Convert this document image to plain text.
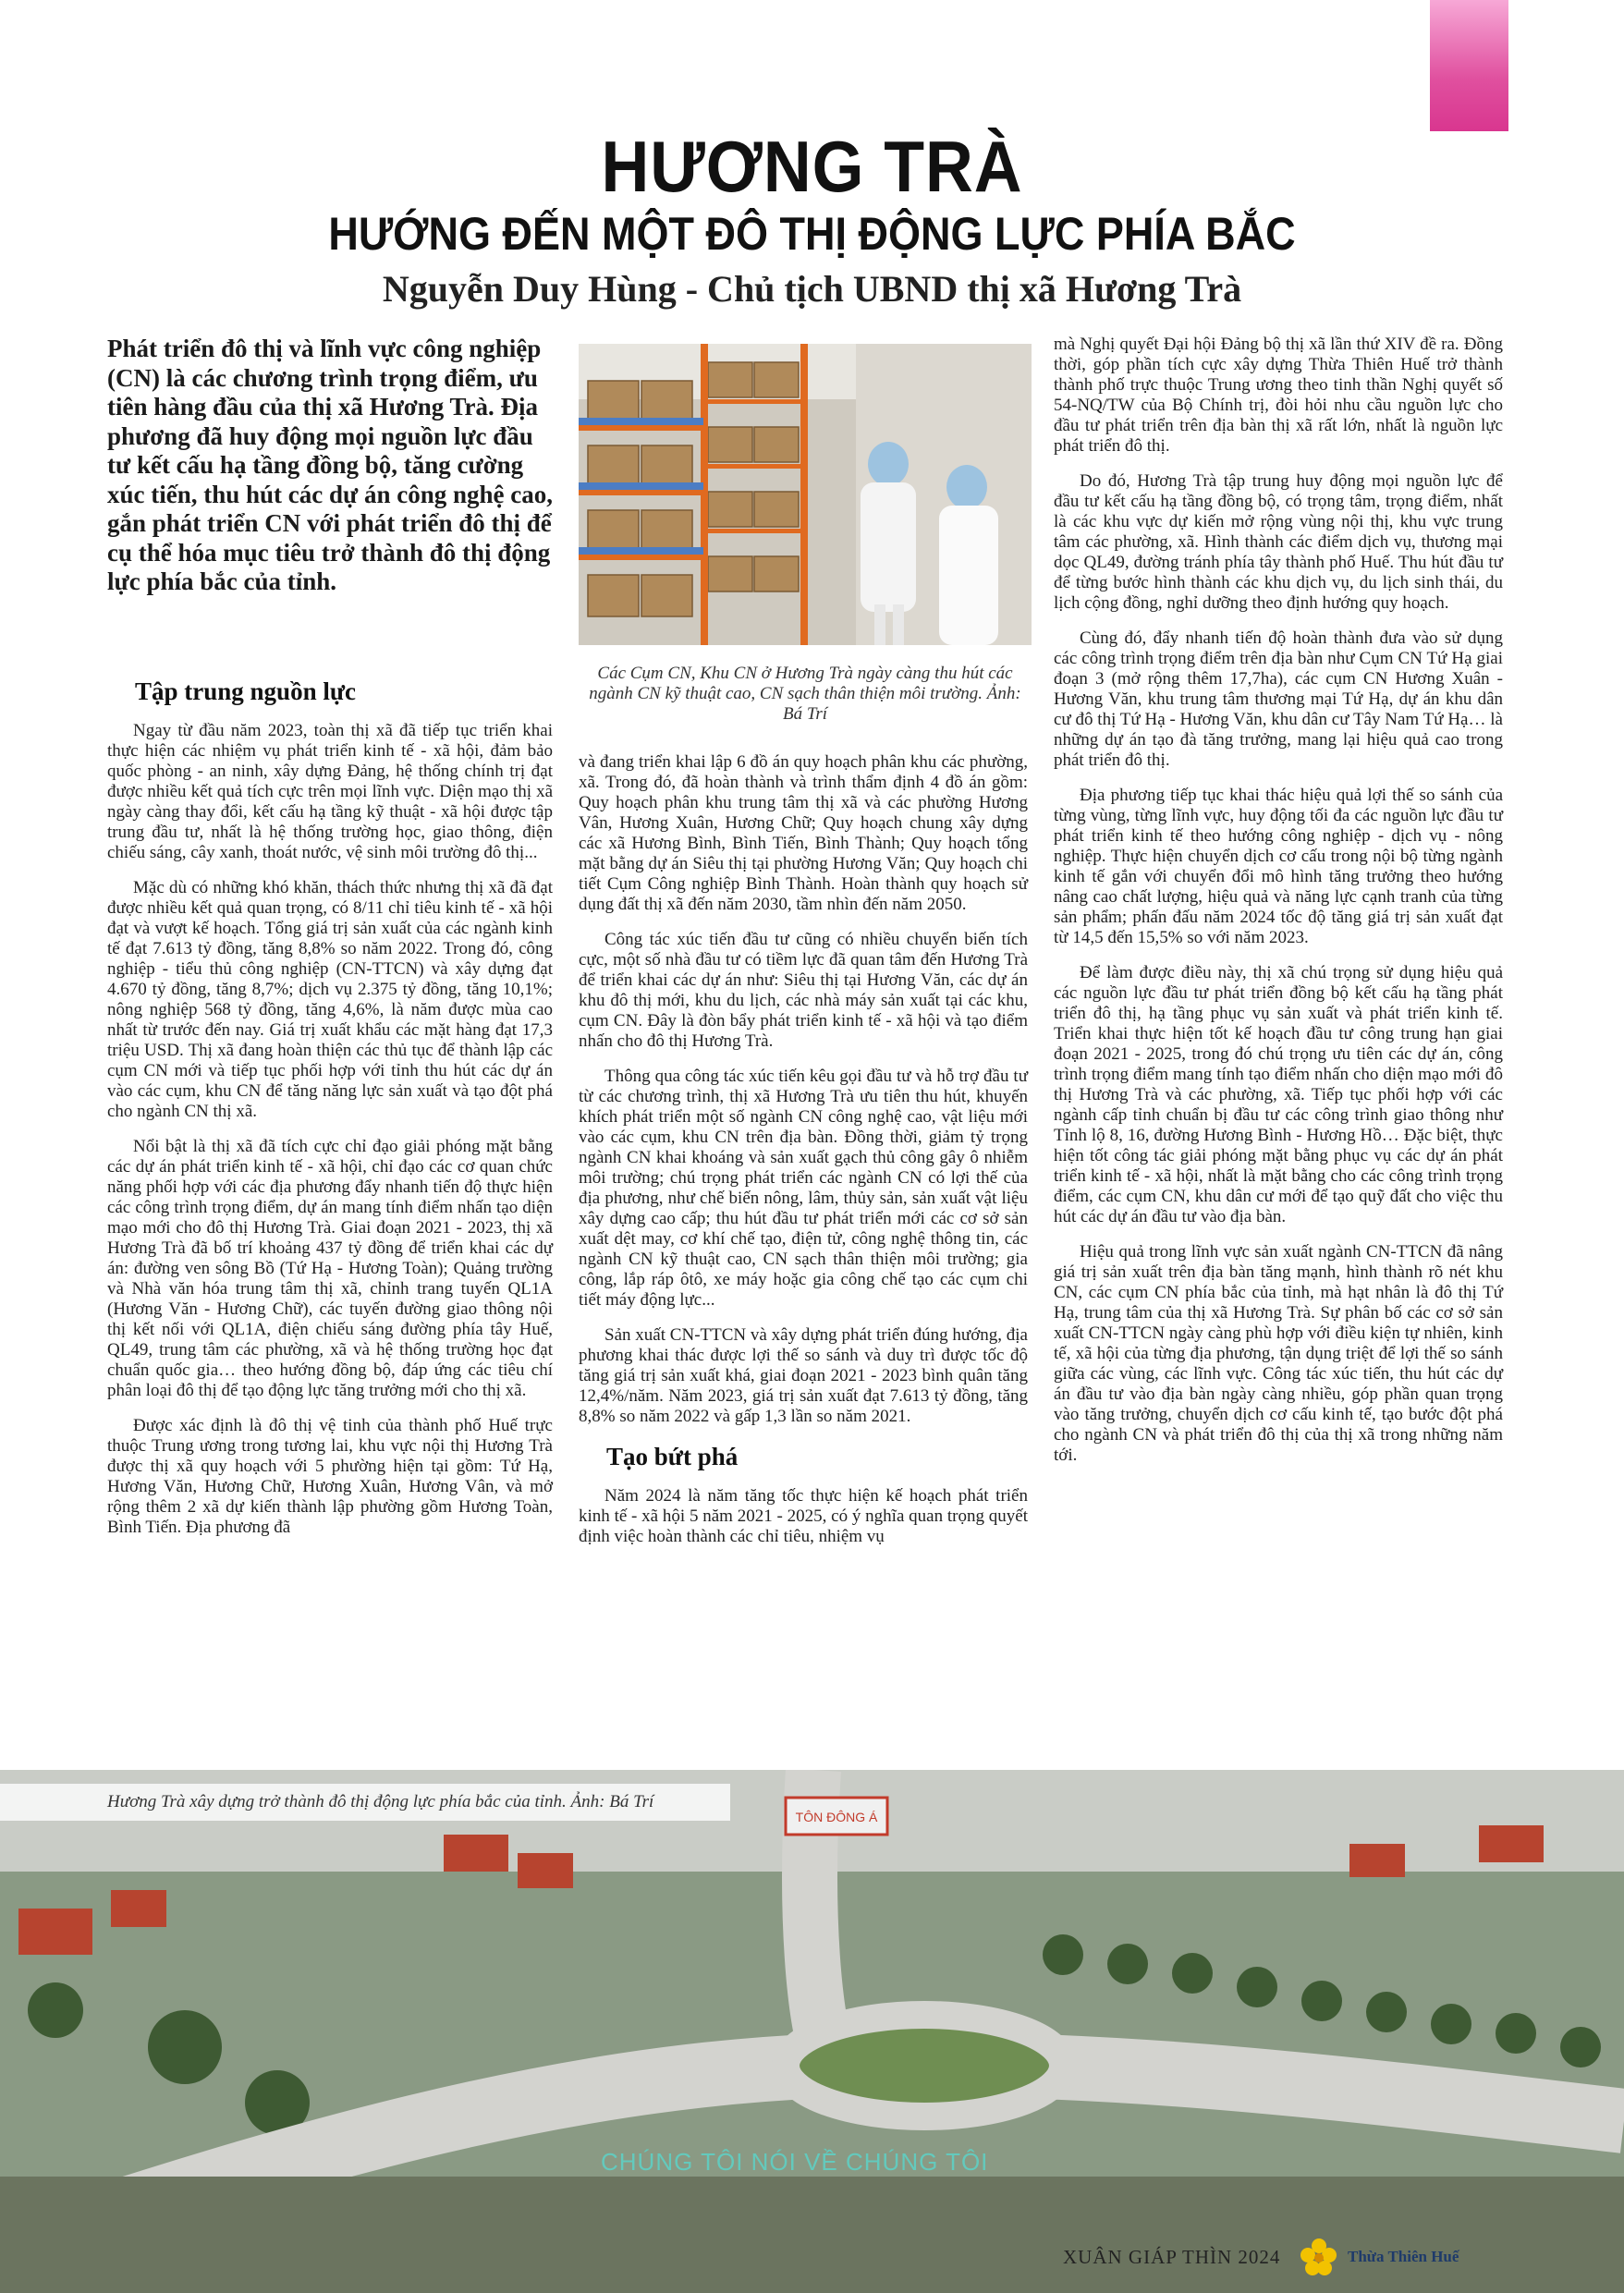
HƯƠNG TRÀ
HƯỚNG ĐẾN MỘT ĐÔ THỊ ĐỘNG LỰC PHÍA BẮC
Nguyễn Duy Hùng - Chủ tịch UBND thị xã Hương Trà
Phát triển đô thị và lĩnh vực công nghiệp (CN) là các chương trình trọng điểm, ưu tiên hàng đầu của thị xã Hương Trà. Địa phương đã huy động mọi nguồn lực đầu tư kết cấu hạ tầng đồng bộ, tăng cường xúc tiến, thu hút các dự án công nghệ cao, gắn phát triển CN với phát triển đô thị để cụ thể hóa mục tiêu trở thành đô thị động lực phía bắc của tỉnh.
Các Cụm CN, Khu CN ở Hương Trà ngày càng thu hút các ngành CN kỹ thuật cao, CN sạch thân thiện môi trường. Ảnh: Bá Trí
Tập trung nguồn lực

Ngay từ đầu năm 2023, toàn thị xã đã tiếp tục triển khai thực hiện các nhiệm vụ phát triển kinh tế - xã hội, đảm bảo quốc phòng - an ninh, xây dựng Đảng, hệ thống chính trị đạt được nhiều kết quả tích cực trên mọi lĩnh vực. Diện mạo thị xã ngày càng thay đổi, kết cấu hạ tầng kỹ thuật - xã hội được tập trung đầu tư, nhất là hệ thống trường học, giao thông, điện chiếu sáng, cây xanh, thoát nước, vệ sinh môi trường đô thị...

Mặc dù có những khó khăn, thách thức nhưng thị xã đã đạt được nhiều kết quả quan trọng, có 8/11 chỉ tiêu kinh tế - xã hội đạt và vượt kế hoạch. Tổng giá trị sản xuất của các ngành kinh tế đạt 7.613 tỷ đồng, tăng 8,8% so năm 2022. Trong đó, công nghiệp - tiểu thủ công nghiệp (CN-TTCN) và xây dựng đạt 4.670 tỷ đồng, tăng 8,7%; dịch vụ 2.375 tỷ đồng, tăng 10,1%; nông nghiệp 568 tỷ đồng, tăng 4,6%, là năm được mùa cao nhất từ trước đến nay. Giá trị xuất khẩu các mặt hàng đạt 17,3 triệu USD. Thị xã đang hoàn thiện các thủ tục để thành lập các cụm CN mới và tiếp tục phối hợp với tỉnh thu hút các dự án vào các cụm, khu CN để tăng năng lực sản xuất và tạo đột phá cho ngành CN thị xã.

Nổi bật là thị xã đã tích cực chỉ đạo giải phóng mặt bằng các dự án phát triển kinh tế - xã hội, chỉ đạo các cơ quan chức năng phối hợp với các địa phương đẩy nhanh tiến độ thực hiện các công trình trọng điểm, dự án mang tính điểm nhấn tạo diện mạo mới cho đô thị Hương Trà. Giai đoạn 2021 - 2023, thị xã Hương Trà đã bố trí khoảng 437 tỷ đồng để triển khai các dự án: đường ven sông Bồ (Tứ Hạ - Hương Toàn); Quảng trường và Nhà văn hóa trung tâm thị xã, chỉnh trang tuyến QL1A (Hương Văn - Hương Chữ), các tuyến đường giao thông nội thị kết nối với QL1A, điện chiếu sáng đường phía tây Huế, QL49, trung tâm các phường, xã và hệ thống trường học đạt chuẩn quốc gia… theo hướng đồng bộ, đáp ứng các tiêu chí phân loại đô thị để tạo động lực tăng trưởng mới cho thị xã.

Được xác định là đô thị vệ tinh của thành phố Huế trực thuộc Trung ương trong tương lai, khu vực nội thị Hương Trà được thị xã quy hoạch với 5 phường hiện tại gồm: Tứ Hạ, Hương Văn, Hương Chữ, Hương Xuân, Hương Vân, và mở rộng thêm 2 xã dự kiến thành lập phường gồm Hương Toàn, Bình Tiến. Địa phương đã

và đang triển khai lập 6 đồ án quy hoạch phân khu các phường, xã. Trong đó, đã hoàn thành và trình thẩm định 4 đồ án gồm: Quy hoạch phân khu trung tâm thị xã và các phường Hương Vân, Hương Xuân, Hương Chữ; Quy hoạch chung xây dựng các xã Hương Bình, Bình Tiến, Bình Thành; Quy hoạch tổng mặt bằng dự án Siêu thị tại phường Hương Văn; Quy hoạch chi tiết Cụm Công nghiệp Bình Thành. Hoàn thành quy hoạch sử dụng đất thị xã đến năm 2030, tầm nhìn đến năm 2050.

Công tác xúc tiến đầu tư cũng có nhiều chuyển biến tích cực, một số nhà đầu tư có tiềm lực đã quan tâm đến Hương Trà để triển khai các dự án như: Siêu thị tại Hương Văn, các dự án khu đô thị mới, khu du lịch, các nhà máy sản xuất tại các khu, cụm CN. Đây là đòn bẩy phát triển kinh tế - xã hội và tạo điểm nhấn cho đô thị Hương Trà.

Thông qua công tác xúc tiến kêu gọi đầu tư và hỗ trợ đầu tư từ các chương trình, thị xã Hương Trà ưu tiên thu hút, khuyến khích phát triển một số ngành CN công nghệ cao, vật liệu mới vào các cụm, khu CN trên địa bàn. Đồng thời, giảm tỷ trọng ngành CN khai khoáng và sản xuất gạch thủ công gây ô nhiễm môi trường; chú trọng phát triển các ngành CN có lợi thế của địa phương, như chế biến nông, lâm, thủy sản, sản xuất vật liệu xây dựng cao cấp; thu hút đầu tư phát triển mới các cơ sở sản xuất dệt may, cơ khí chế tạo, điện tử, công nghệ thông tin, các ngành CN kỹ thuật cao, CN sạch thân thiện môi trường; gia công, lắp ráp ôtô, xe máy hoặc gia công chế tạo các cụm chi tiết máy động lực...

Sản xuất CN-TTCN và xây dựng phát triển đúng hướng, địa phương khai thác được lợi thế so sánh và duy trì được tốc độ tăng giá trị sản xuất khá, giai đoạn 2021 - 2023 bình quân tăng 12,4%/năm. Năm 2023, giá trị sản xuất đạt 7.613 tỷ đồng, tăng 8,8% so năm 2022 và gấp 1,3 lần so năm 2021.

Tạo bứt phá

Năm 2024 là năm tăng tốc thực hiện kế hoạch phát triển kinh tế - xã hội 5 năm 2021 - 2025, có ý nghĩa quan trọng quyết định việc hoàn thành các chỉ tiêu, nhiệm vụ

mà Nghị quyết Đại hội Đảng bộ thị xã lần thứ XIV đề ra. Đồng thời, góp phần tích cực xây dựng Thừa Thiên Huế trở thành thành phố trực thuộc Trung ương theo tinh thần Nghị quyết số 54-NQ/TW của Bộ Chính trị, đòi hỏi nhu cầu nguồn lực cho đầu tư phát triển trên địa bàn thị xã rất lớn, nhất là nguồn lực phát triển đô thị.

Do đó, Hương Trà tập trung huy động mọi nguồn lực để đầu tư kết cấu hạ tầng đồng bộ, có trọng tâm, trọng điểm, nhất là các khu vực dự kiến mở rộng vùng nội thị, khu vực trung tâm các phường, xã. Hình thành các điểm dịch vụ, thương mại dọc QL49, đường tránh phía tây thành phố Huế. Thu hút đầu tư để từng bước hình thành các khu dịch vụ, du lịch sinh thái, du lịch cộng đồng, nghỉ dưỡng theo định hướng quy hoạch.

Cùng đó, đẩy nhanh tiến độ hoàn thành đưa vào sử dụng các công trình trọng điểm trên địa bàn như Cụm CN Tứ Hạ giai đoạn 3 (mở rộng thêm 17,7ha), các cụm CN Hương Xuân - Hương Văn, khu trung tâm thương mại Tứ Hạ, dự án khu dân cư đô thị Tứ Hạ - Hương Văn, khu dân cư Tây Nam Tứ Hạ… là những dự án tạo đà tăng trưởng, mang lại hiệu quả cao trong phát triển đô thị.

Địa phương tiếp tục khai thác hiệu quả lợi thế so sánh của từng vùng, từng lĩnh vực, huy động tối đa các nguồn lực đầu tư phát triển kinh tế theo hướng công nghiệp - dịch vụ - nông nghiệp. Thực hiện chuyển dịch cơ cấu trong nội bộ từng ngành kinh tế gắn với chuyển đổi mô hình tăng trưởng theo hướng nâng cao chất lượng, hiệu quả và năng lực cạnh tranh của từng sản phẩm; phấn đấu năm 2024 tốc độ tăng giá trị sản xuất đạt từ 14,5 đến 15,5% so với năm 2023.

Để làm được điều này, thị xã chú trọng sử dụng hiệu quả các nguồn lực đầu tư phát triển đồng bộ kết cấu hạ tầng phát triển đô thị, hạ tầng phục vụ sản xuất và phát triển kinh tế. Triển khai thực hiện tốt kế hoạch đầu tư công trung hạn giai đoạn 2021 - 2025, trong đó chú trọng ưu tiên các dự án, công trình trọng điểm mang tính tạo điểm nhấn cho diện mạo mới đô thị Hương Trà và các phường, xã. Tiếp tục phối hợp với các ngành cấp tỉnh chuẩn bị đầu tư các công trình giao thông như Tỉnh lộ 8, 16, đường Hương Bình - Hương Hồ… Đặc biệt, thực hiện tốt công tác giải phóng mặt bằng phục vụ các dự án phát triển kinh tế - xã hội, nhất là mặt bằng cho các công trình trọng điểm, các cụm CN, khu dân cư mới để tạo quỹ đất cho việc thu hút các dự án đầu tư vào địa bàn.

Hiệu quả trong lĩnh vực sản xuất ngành CN-TTCN đã nâng giá trị sản xuất trên địa bàn tăng mạnh, hình thành rõ nét khu CN, các cụm CN phía bắc của tỉnh, mà hạt nhân là đô thị Tứ Hạ, trung tâm của thị xã Hương Trà. Sự phân bố các cơ sở sản xuất CN-TTCN ngày càng phù hợp với điều kiện tự nhiên, kinh tế, xã hội của từng địa phương, tận dụng triệt để lợi thế so sánh giữa các vùng, các lĩnh vực. Công tác xúc tiến, thu hút các dự án đầu tư vào địa bàn ngày càng nhiều, góp phần quan trọng vào tăng trưởng, chuyển dịch cơ cấu kinh tế, tạo bước đột phá cho ngành CN và phát triển đô thị của thị xã trong những năm tới.

TÔN ĐÔNG Á
Hương Trà xây dựng trở thành đô thị động lực phía bắc của tỉnh. Ảnh: Bá Trí
CHÚNG TÔI NÓI VỀ CHÚNG TÔI
XUÂN GIÁP THÌN 2024	Thừa Thiên Huế
